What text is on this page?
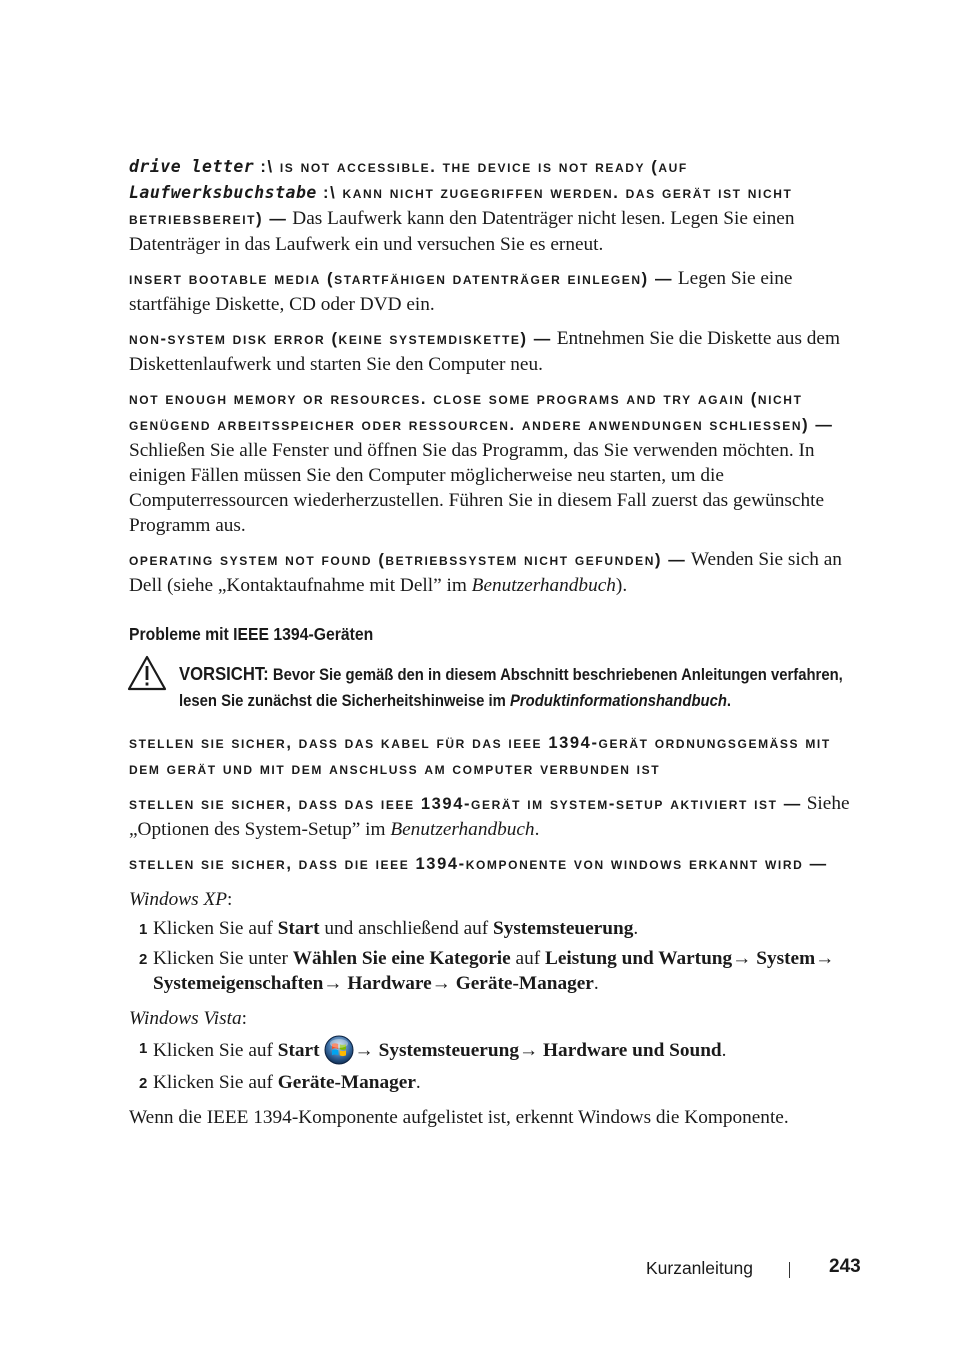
drive letter :\ is not accessible. the device is not ready (auf Laufwerksbuchstabe :\ kann nicht zugegriffen werden. das gerät ist nicht betriebsbereit) — Das Laufwerk kann den Datenträger nicht lesen. Legen Sie einen Datenträger in das Laufwerk ein und versuchen Sie es erneut.

insert bootable media (startfähigen datenträger einlegen) — Legen Sie eine startfähige Diskette, CD oder DVD ein.

non-system disk error (keine systemdiskette) — Entnehmen Sie die Diskette aus dem Diskettenlaufwerk und starten Sie den Computer neu.

not enough memory or resources. close some programs and try again (nicht genügend arbeitsspeicher oder ressourcen. andere anwendungen schliessen) — Schließen Sie alle Fenster und öffnen Sie das Programm, das Sie verwenden möchten. In einigen Fällen müssen Sie den Computer möglicherweise neu starten, um die Computerressourcen wiederherzustellen. Führen Sie in diesem Fall zuerst das gewünschte Programm aus.

operating system not found (betriebssystem nicht gefunden) — Wenden Sie sich an Dell (siehe „Kontaktaufnahme mit Dell” im Benutzerhandbuch).

Probleme mit IEEE 1394-Geräten
VORSICHT: Bevor Sie gemäß den in diesem Abschnitt beschriebenen Anleitungen verfahren, lesen Sie zunächst die Sicherheitshinweise im Produktinformationshandbuch.

stellen sie sicher, dass das kabel für das ieee 1394-gerät ordnungsgemäss mit dem gerät und mit dem anschluss am computer verbunden ist

stellen sie sicher, dass das ieee 1394-gerät im system-setup aktiviert ist — Siehe „Optionen des System-Setup” im Benutzerhandbuch.

stellen sie sicher, dass die ieee 1394-komponente von windows erkannt wird —

Windows XP:

1 Klicken Sie auf Start und anschließend auf Systemsteuerung.
2 Klicken Sie unter Wählen Sie eine Kategorie auf Leistung und Wartung→ System→ Systemeigenschaften→ Hardware→ Geräte-Manager.

Windows Vista:

1 Klicken Sie auf Start → Systemsteuerung→ Hardware und Sound.
2 Klicken Sie auf Geräte-Manager.

Wenn die IEEE 1394-Komponente aufgelistet ist, erkennt Windows die Komponente.

Kurzanleitung	243
